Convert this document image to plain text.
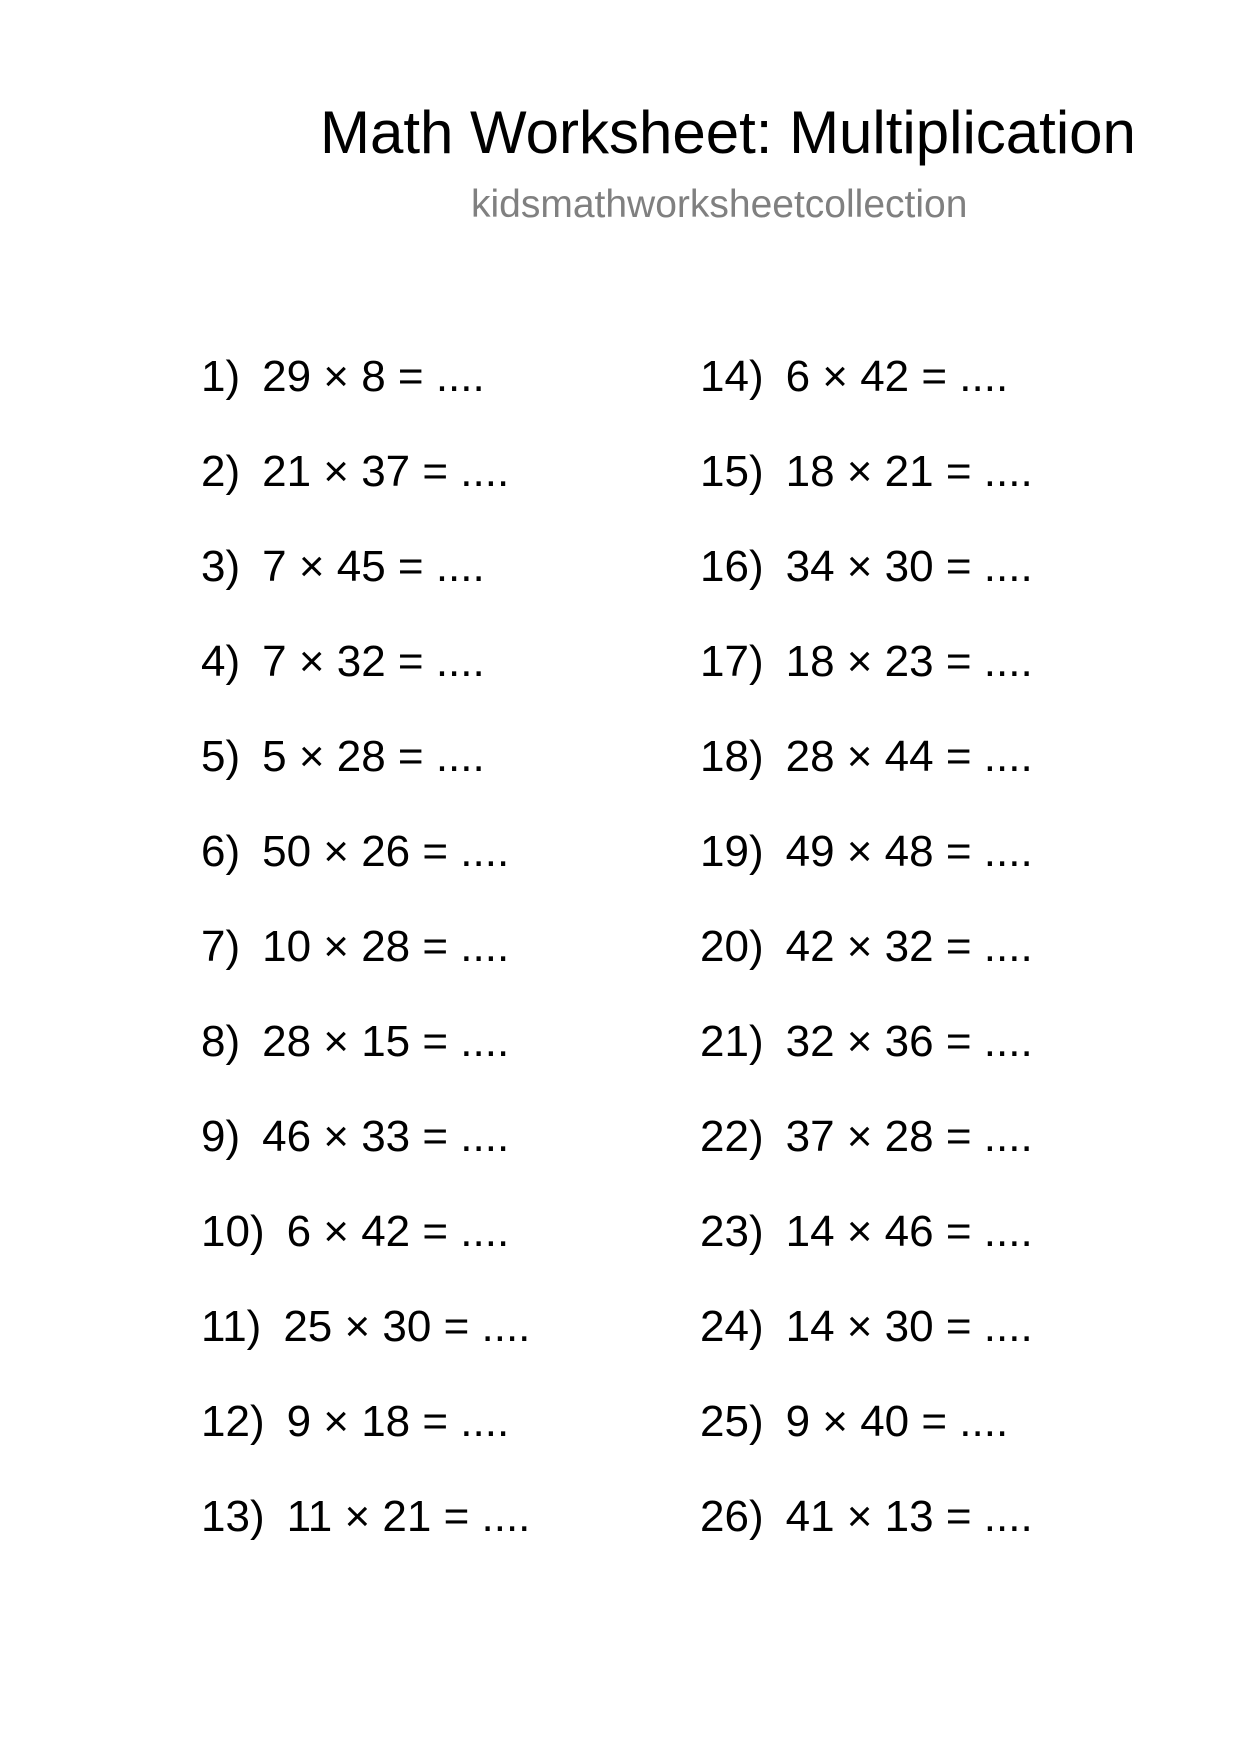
Math Worksheet: Multiplication
kidsmathworksheetcollection
1) 29 × 8 = ....
2) 21 × 37 = ....
3) 7 × 45 = ....
4) 7 × 32 = ....
5) 5 × 28 = ....
6) 50 × 26 = ....
7) 10 × 28 = ....
8) 28 × 15 = ....
9) 46 × 33 = ....
10) 6 × 42 = ....
11) 25 × 30 = ....
12) 9 × 18 = ....
13) 11 × 21 = ....
14) 6 × 42 = ....
15) 18 × 21 = ....
16) 34 × 30 = ....
17) 18 × 23 = ....
18) 28 × 44 = ....
19) 49 × 48 = ....
20) 42 × 32 = ....
21) 32 × 36 = ....
22) 37 × 28 = ....
23) 14 × 46 = ....
24) 14 × 30 = ....
25) 9 × 40 = ....
26) 41 × 13 = ....
